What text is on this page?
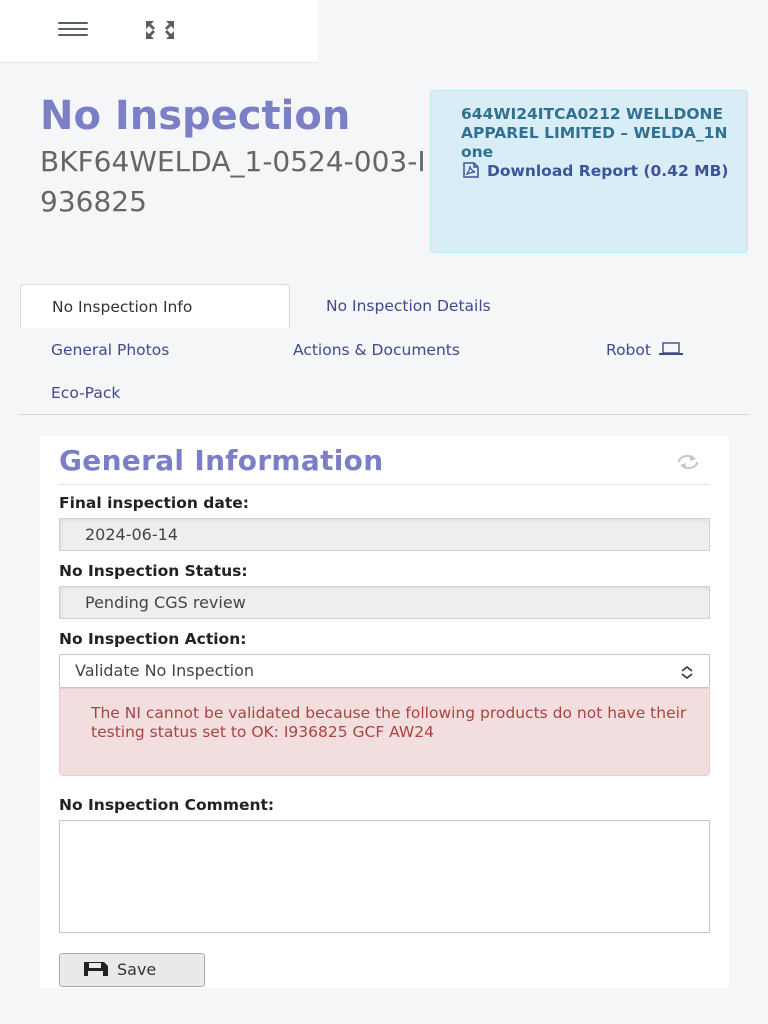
No Inspection
BKF64WELDA_1-0524-003-I936825
644WI24ITCA0212 WELLDONE APPAREL LIMITED – WELDA_1None
Download Report (0.42 MB)
No Inspection Info	No Inspection Details
General Photos	Actions & Documents	Robot
Eco-Pack
General Information
Final inspection date:
2024-06-14
No Inspection Status:
Pending CGS review
No Inspection Action:
Validate No Inspection
The NI cannot be validated because the following products do not have their testing status set to OK: I936825 GCF AW24
No Inspection Comment:
Save
